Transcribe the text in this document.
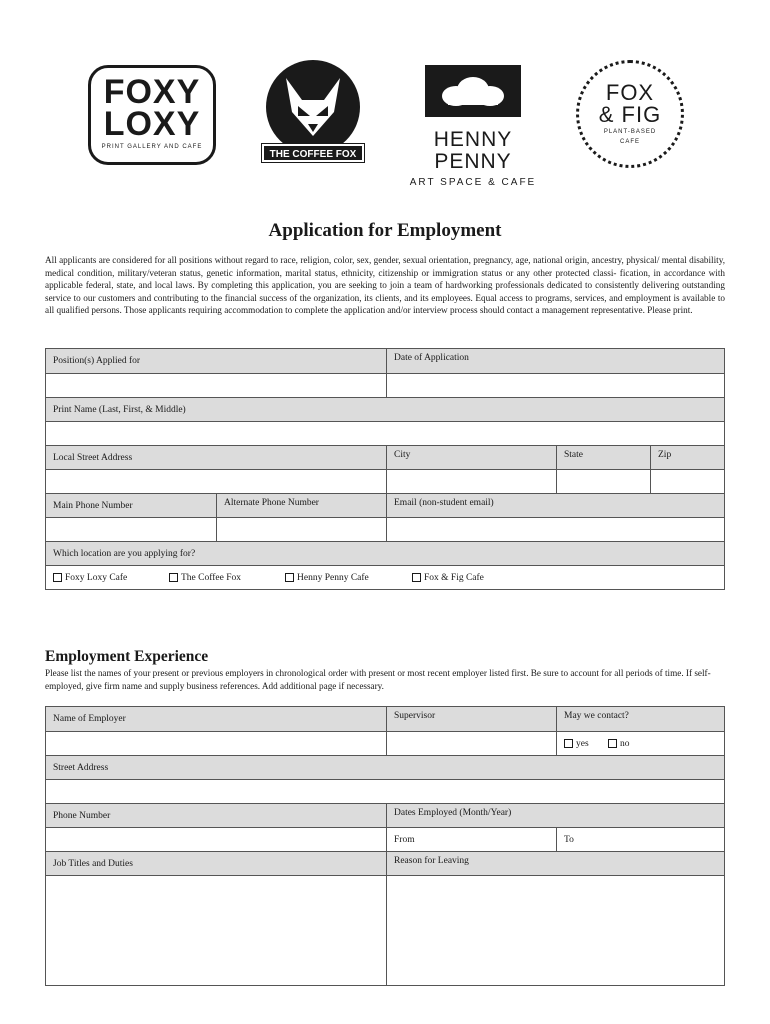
FOXY
LOXY
PRINT GALLERY AND CAFE
THE COFFEE FOX
HENNY PENNY
ART SPACE & CAFE
FOX
& FIG
PLANT-BASED
CAFE
Application for Employment

All applicants are considered for all positions without regard to race, religion, color, sex, gender, sexual orientation, pregnancy, age, national origin, ancestry, physical/ mental disability, medical condition, military/veteran status, genetic information, marital status, ethnicity, citizenship or immigration status or any other protected classi- fication, in accordance with applicable federal, state, and local laws. By completing this application, you are seeking to join a team of hardworking professionals dedicated to consistently delivering outstanding service to our customers and contributing to the financial success of the organization, its clients, and its employees. Equal access to programs, services, and employment is available to all qualified persons. Those applicants requiring accommodation to complete the application and/or interview process should contact a management representative. Please print.

Position(s) Applied for	Date of Application
Print Name (Last, First, & Middle)
Local Street Address	City	State	Zip
Main Phone Number	Alternate Phone Number	Email (non-student email)
Which location are you applying for?
Foxy Loxy Cafe	The Coffee Fox	Henny Penny Cafe	Fox & Fig Cafe
Employment Experience

Please list the names of your present or previous employers in chronological order with present or most recent employer listed first. Be sure to account for all periods of time. If self-employed, give firm name and supply business references. Add additional page if necessary.

Name of Employer	Supervisor	May we contact?
yes	no
Street Address
Phone Number	Dates Employed (Month/Year)
From	To
Job Titles and Duties	Reason for Leaving
